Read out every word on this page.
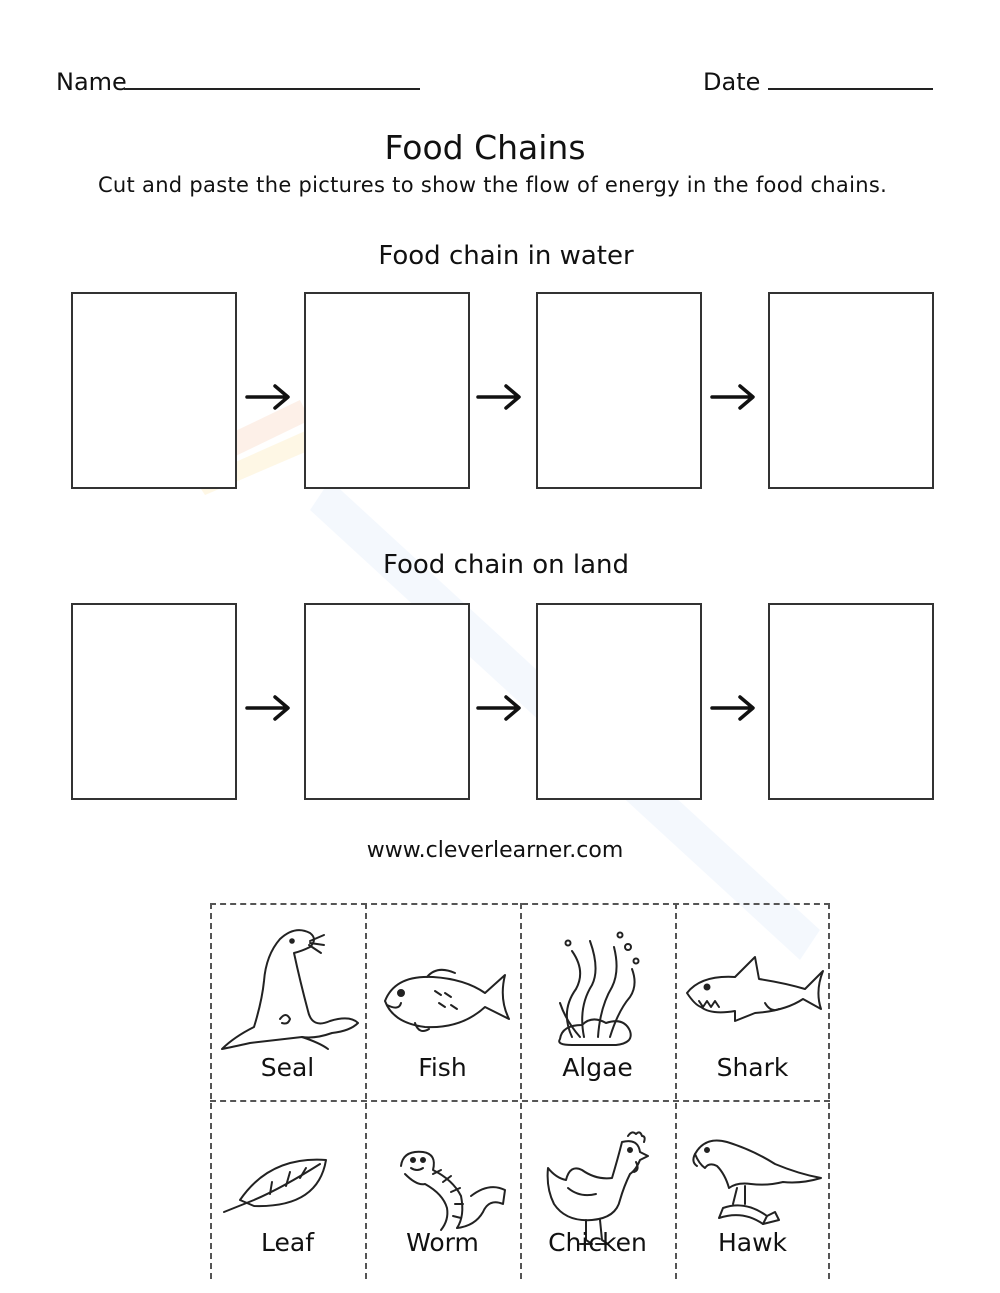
Name	Date
Food Chains
Cut and paste the pictures to show the flow of energy in the food chains.
Food chain in water
Food chain on land
www.cleverlearner.com
Seal	Fish	Algae	Shark
Leaf	Worm	Chicken	Hawk
